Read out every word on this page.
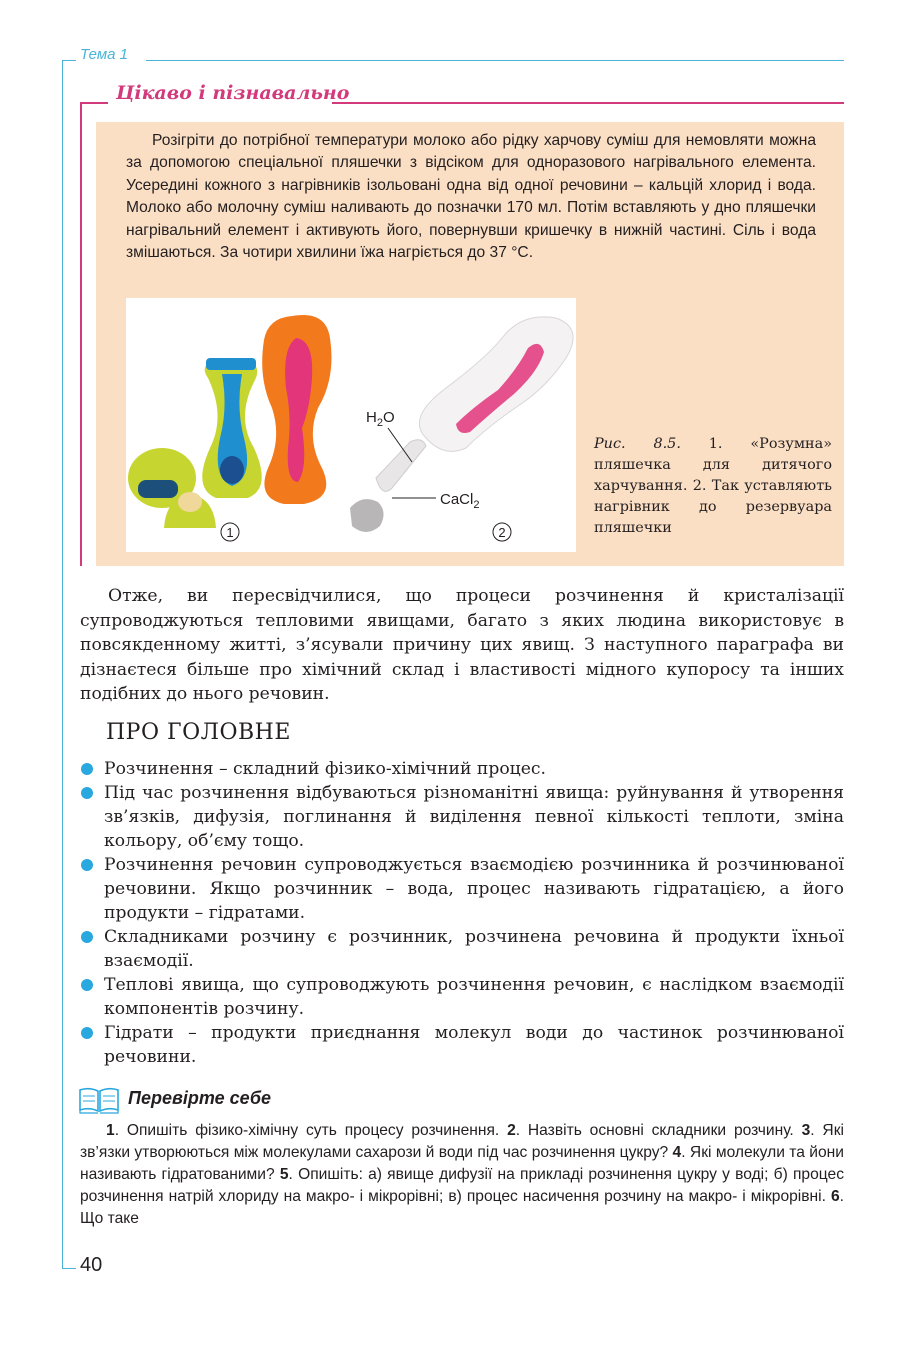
Тема 1
Цікаво і пізнавально
Розігріти до потрібної температури молоко або рідку харчову суміш для немовляти можна за допомогою спеціальної пляшечки з відсіком для одноразового нагрівального елемента. Усередині кожного з нагрівників ізольовані одна від одної речовини – кальцій хлорид і вода. Молоко або молочну суміш наливають до позначки 170 мл. Потім вставляють у дно пляшечки нагрівальний елемент і активують його, повернувши кришечку в нижній частині. Сіль і вода змішаються. За чотири хвилини їжа нагріється до 37 °С.
$H_2O$
CaCl$_2$
1	2
Рис. 8.5. 1. «Розумна» пляшечка для дитячого харчування. 2. Так уставляють нагрівник до резервуара пляшечки
Отже, ви пересвідчилися, що процеси розчинення й кристалізації супроводжуються тепловими явищами, багато з яких людина використовує в повсякденному житті, з’ясували причину цих явищ. З наступного параграфа ви дізнаєтеся більше про хімічний склад і властивості мідного купоросу та інших подібних до нього речовин.
ПРО ГОЛОВНЕ
Розчинення – складний фізико-хімічний процес.
Під час розчинення відбуваються різноманітні явища: руйнування й утворення зв’язків, дифузія, поглинання й виділення певної кількості теплоти, зміна кольору, об’єму тощо.
Розчинення речовин супроводжується взаємодією розчинника й розчинюваної речовини. Якщо розчинник – вода, процес називають гідратацією, а його продукти – гідратами.
Складниками розчину є розчинник, розчинена речовина й продукти їхньої взаємодії.
Теплові явища, що супроводжують розчинення речовин, є наслідком взаємодії компонентів розчину.
Гідрати – продукти приєднання молекул води до частинок розчинюваної речовини.
Перевірте себе
1. Опишіть фізико-хімічну суть процесу розчинення. 2. Назвіть основні складники розчину. 3. Які зв’язки утворюються між молекулами сахарози й води під час розчинення цукру? 4. Які молекули та йони називають гідратованими? 5. Опишіть: а) явище дифузії на прикладі розчинення цукру у воді; б) процес розчинення натрій хлориду на макро- і мікрорівні; в) процес насичення розчину на макро- і мікрорівні. 6. Що таке
40
